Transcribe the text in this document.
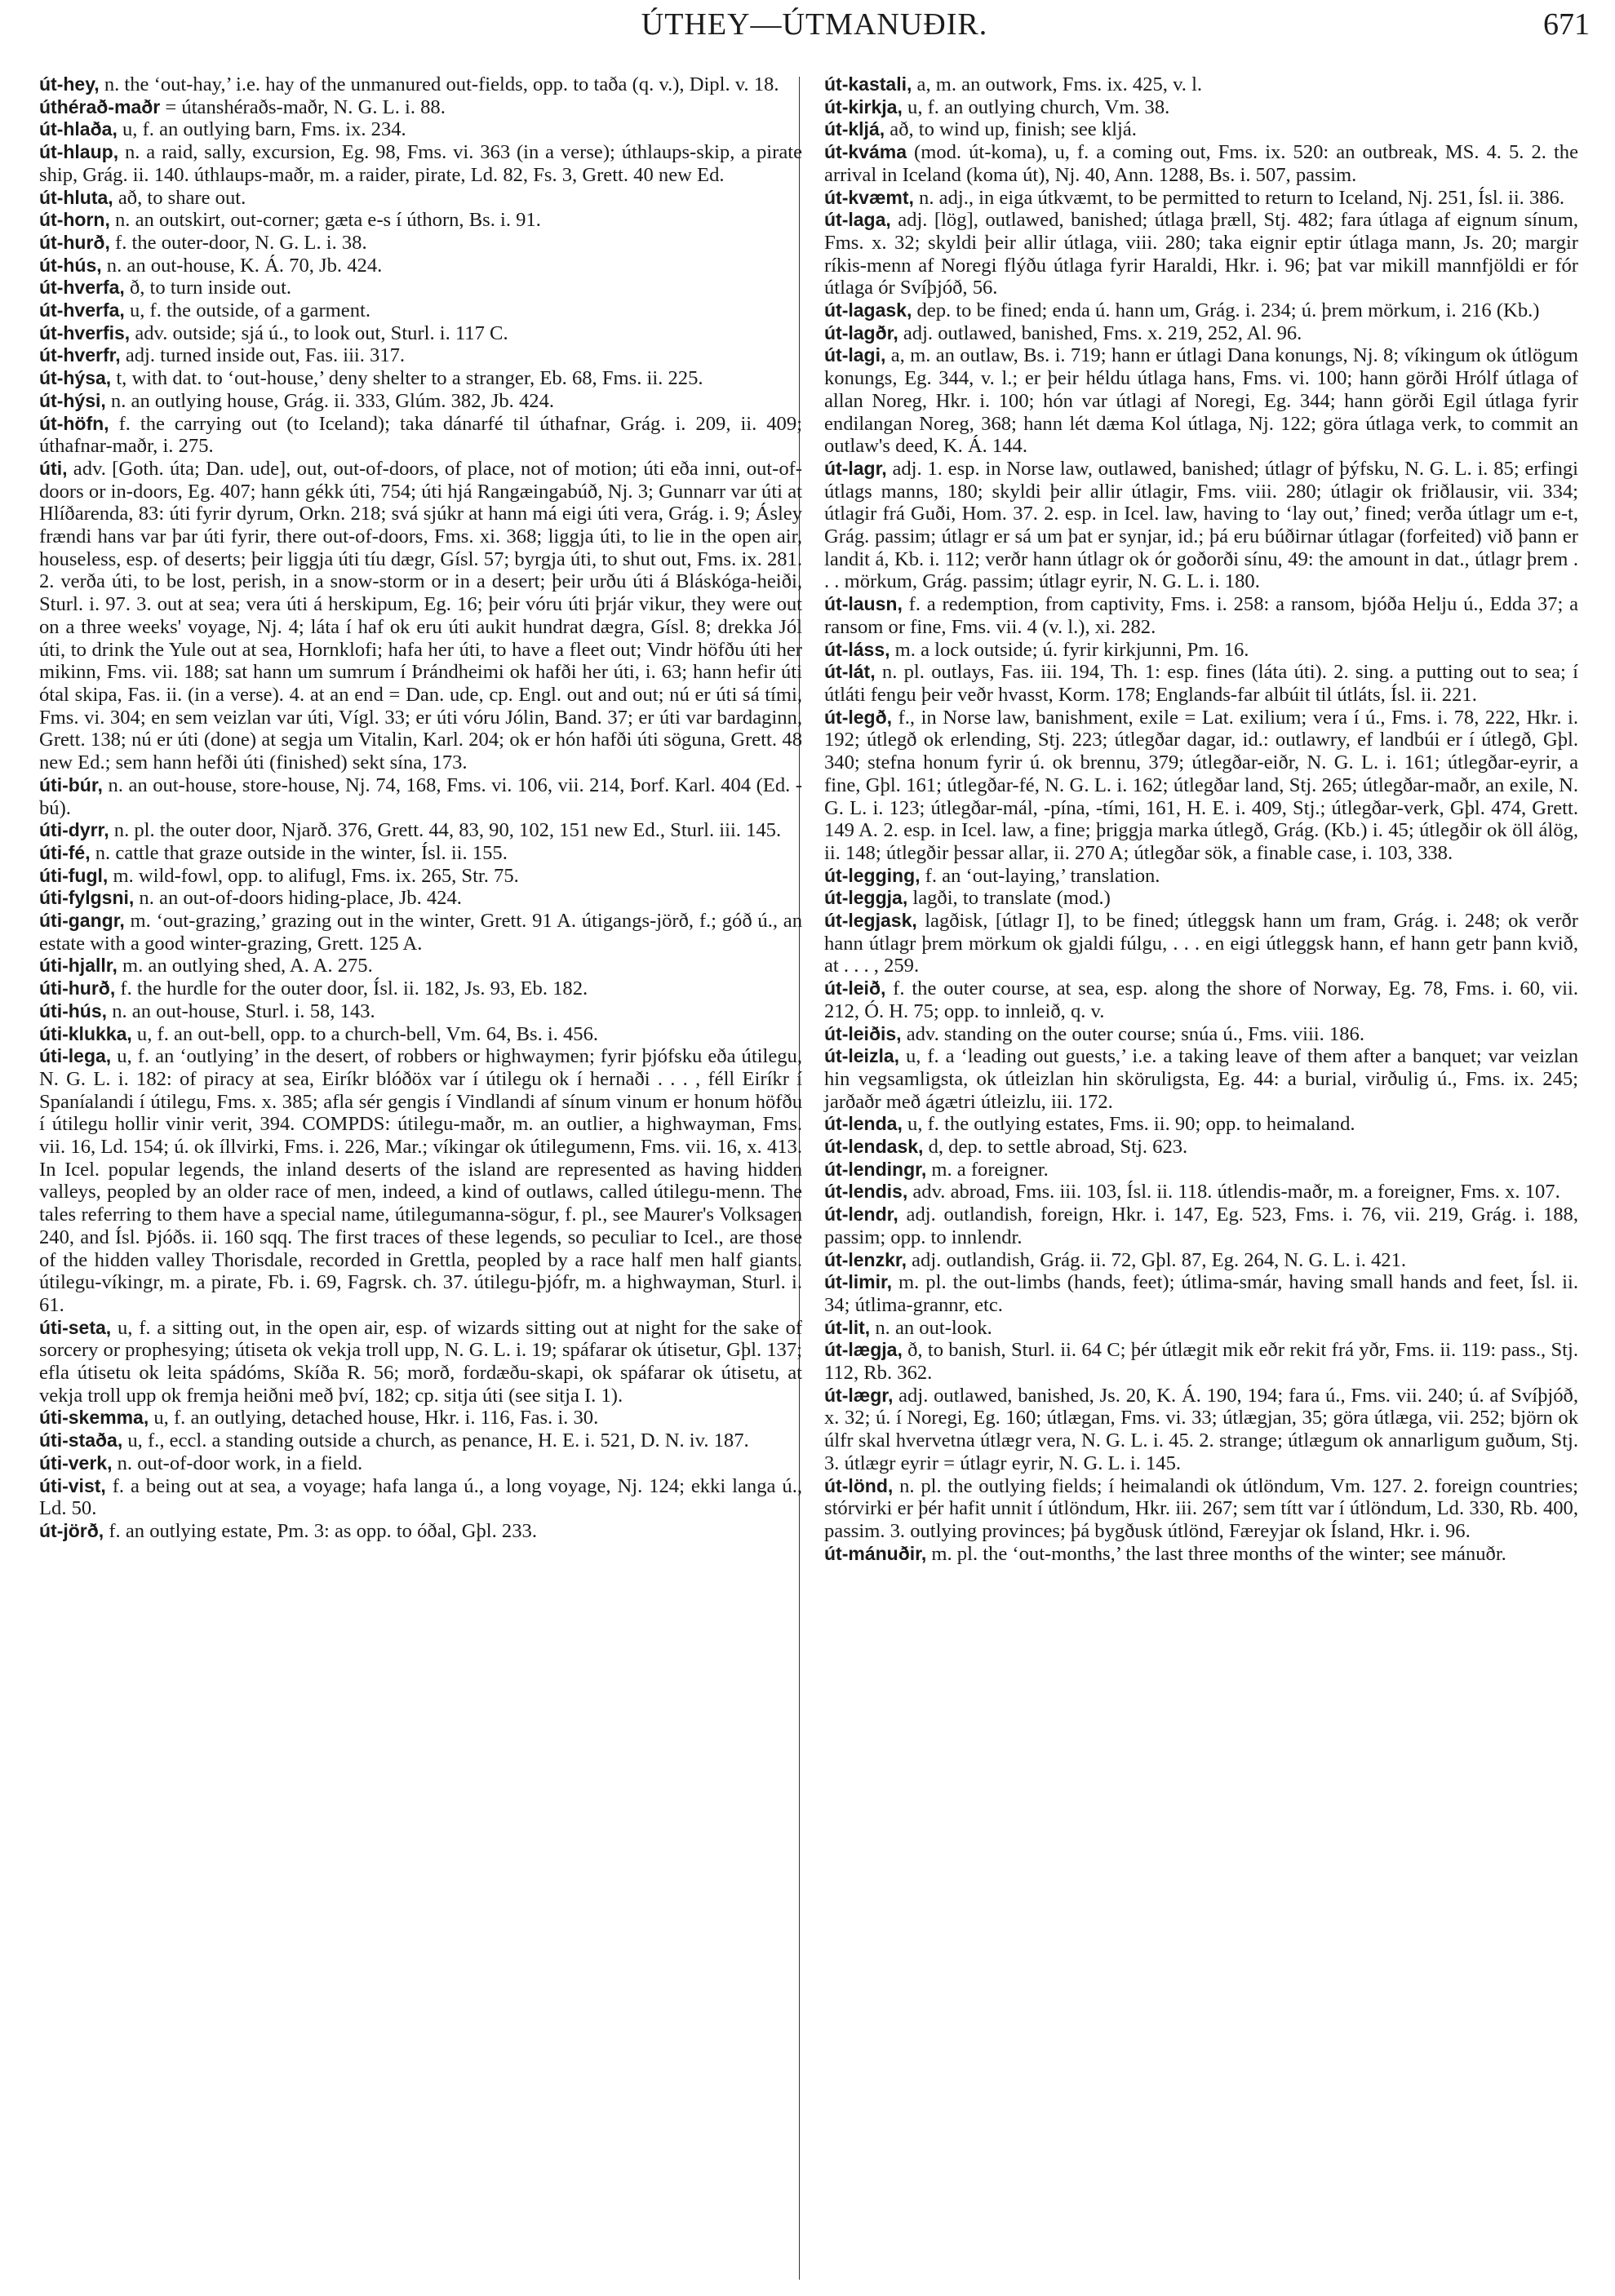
ÚTHEY—ÚTMANUÐIR.	671

út-hey, n. the ‘out-hay,’ i.e. hay of the unmanured out-fields, opp. to taða (q. v.), Dipl. v. 18.

úthérað-maðr = útanshéraðs-maðr, N. G. L. i. 88.

út-hlaða, u, f. an outlying barn, Fms. ix. 234.

út-hlaup, n. a raid, sally, excursion, Eg. 98, Fms. vi. 363 (in a verse); úthlaups-skip, a pirate ship, Grág. ii. 140. úthlaups-maðr, m. a raider, pirate, Ld. 82, Fs. 3, Grett. 40 new Ed.

út-hluta, að, to share out.

út-horn, n. an outskirt, out-corner; gæta e-s í úthorn, Bs. i. 91.

út-hurð, f. the outer-door, N. G. L. i. 38.

út-hús, n. an out-house, K. Á. 70, Jb. 424.

út-hverfa, ð, to turn inside out.

út-hverfa, u, f. the outside, of a garment.

út-hverfis, adv. outside; sjá ú., to look out, Sturl. i. 117 C.

út-hverfr, adj. turned inside out, Fas. iii. 317.

út-hýsa, t, with dat. to ‘out-house,’ deny shelter to a stranger, Eb. 68, Fms. ii. 225.

út-hýsi, n. an outlying house, Grág. ii. 333, Glúm. 382, Jb. 424.

út-höfn, f. the carrying out (to Iceland); taka dánarfé til úthafnar, Grág. i. 209, ii. 409; úthafnar-maðr, i. 275.

úti, adv. [Goth. úta; Dan. ude], out, out-of-doors, of place, not of motion; úti eða inni, out-of-doors or in-doors, Eg. 407; hann gékk úti, 754; úti hjá Rangæingabúð, Nj. 3; Gunnarr var úti at Hlíðarenda, 83: úti fyrir dyrum, Orkn. 218; svá sjúkr at hann má eigi úti vera, Grág. i. 9; Ásley frændi hans var þar úti fyrir, there out-of-doors, Fms. xi. 368; liggja úti, to lie in the open air, houseless, esp. of deserts; þeir liggja úti tíu dægr, Gísl. 57; byrgja úti, to shut out, Fms. ix. 281. 2. verða úti, to be lost, perish, in a snow-storm or in a desert; þeir urðu úti á Bláskóga-heiði, Sturl. i. 97. 3. out at sea; vera úti á herskipum, Eg. 16; þeir vóru úti þrjár vikur, they were out on a three weeks' voyage, Nj. 4; láta í haf ok eru úti aukit hundrat dægra, Gísl. 8; drekka Jól úti, to drink the Yule out at sea, Hornklofi; hafa her úti, to have a fleet out; Vindr höfðu úti her mikinn, Fms. vii. 188; sat hann um sumrum í Þrándheimi ok hafði her úti, i. 63; hann hefir úti ótal skipa, Fas. ii. (in a verse). 4. at an end = Dan. ude, cp. Engl. out and out; nú er úti sá tími, Fms. vi. 304; en sem veizlan var úti, Vígl. 33; er úti vóru Jólin, Band. 37; er úti var bardaginn, Grett. 138; nú er úti (done) at segja um Vitalin, Karl. 204; ok er hón hafði úti söguna, Grett. 48 new Ed.; sem hann hefði úti (finished) sekt sína, 173.

úti-búr, n. an out-house, store-house, Nj. 74, 168, Fms. vi. 106, vii. 214, Þorf. Karl. 404 (Ed. -bú).

úti-dyrr, n. pl. the outer door, Njarð. 376, Grett. 44, 83, 90, 102, 151 new Ed., Sturl. iii. 145.

úti-fé, n. cattle that graze outside in the winter, Ísl. ii. 155.

úti-fugl, m. wild-fowl, opp. to alifugl, Fms. ix. 265, Str. 75.

úti-fylgsni, n. an out-of-doors hiding-place, Jb. 424.

úti-gangr, m. ‘out-grazing,’ grazing out in the winter, Grett. 91 A. útigangs-jörð, f.; góð ú., an estate with a good winter-grazing, Grett. 125 A.

úti-hjallr, m. an outlying shed, A. A. 275.

úti-hurð, f. the hurdle for the outer door, Ísl. ii. 182, Js. 93, Eb. 182.

úti-hús, n. an out-house, Sturl. i. 58, 143.

úti-klukka, u, f. an out-bell, opp. to a church-bell, Vm. 64, Bs. i. 456.

úti-lega, u, f. an ‘outlying’ in the desert, of robbers or highwaymen; fyrir þjófsku eða útilegu, N. G. L. i. 182: of piracy at sea, Eiríkr blóðöx var í útilegu ok í hernaði . . . , féll Eiríkr í Spaníalandi í útilegu, Fms. x. 385; afla sér gengis í Vindlandi af sínum vinum er honum höfðu í útilegu hollir vinir verit, 394. COMPDS: útilegu-maðr, m. an outlier, a highwayman, Fms. vii. 16, Ld. 154; ú. ok íllvirki, Fms. i. 226, Mar.; víkingar ok útilegumenn, Fms. vii. 16, x. 413. In Icel. popular legends, the inland deserts of the island are represented as having hidden valleys, peopled by an older race of men, indeed, a kind of outlaws, called útilegu-menn. The tales referring to them have a special name, útilegumanna-sögur, f. pl., see Maurer's Volksagen 240, and Ísl. Þjóðs. ii. 160 sqq. The first traces of these legends, so peculiar to Icel., are those of the hidden valley Thorisdale, recorded in Grettla, peopled by a race half men half giants. útilegu-víkingr, m. a pirate, Fb. i. 69, Fagrsk. ch. 37. útilegu-þjófr, m. a highwayman, Sturl. i. 61.

úti-seta, u, f. a sitting out, in the open air, esp. of wizards sitting out at night for the sake of sorcery or prophesying; útiseta ok vekja troll upp, N. G. L. i. 19; spáfarar ok útisetur, Gþl. 137; efla útisetu ok leita spádóms, Skíða R. 56; morð, fordæðu-skapi, ok spáfarar ok útisetu, at vekja troll upp ok fremja heiðni með því, 182; cp. sitja úti (see sitja I. 1).

úti-skemma, u, f. an outlying, detached house, Hkr. i. 116, Fas. i. 30.

úti-staða, u, f., eccl. a standing outside a church, as penance, H. E. i. 521, D. N. iv. 187.

úti-verk, n. out-of-door work, in a field.

úti-vist, f. a being out at sea, a voyage; hafa langa ú., a long voyage, Nj. 124; ekki langa ú., Ld. 50.

út-jörð, f. an outlying estate, Pm. 3: as opp. to óðal, Gþl. 233.

út-kastali, a, m. an outwork, Fms. ix. 425, v. l.

út-kirkja, u, f. an outlying church, Vm. 38.

út-kljá, að, to wind up, finish; see kljá.

út-kváma (mod. út-koma), u, f. a coming out, Fms. ix. 520: an outbreak, MS. 4. 5. 2. the arrival in Iceland (koma út), Nj. 40, Ann. 1288, Bs. i. 507, passim.

út-kvæmt, n. adj., in eiga útkvæmt, to be permitted to return to Iceland, Nj. 251, Ísl. ii. 386.

út-laga, adj. [lög], outlawed, banished; útlaga þræll, Stj. 482; fara útlaga af eignum sínum, Fms. x. 32; skyldi þeir allir útlaga, viii. 280; taka eignir eptir útlaga mann, Js. 20; margir ríkis-menn af Noregi flýðu útlaga fyrir Haraldi, Hkr. i. 96; þat var mikill mannfjöldi er fór útlaga ór Svíþjóð, 56.

út-lagask, dep. to be fined; enda ú. hann um, Grág. i. 234; ú. þrem mörkum, i. 216 (Kb.)

út-lagðr, adj. outlawed, banished, Fms. x. 219, 252, Al. 96.

út-lagi, a, m. an outlaw, Bs. i. 719; hann er útlagi Dana konungs, Nj. 8; víkingum ok útlögum konungs, Eg. 344, v. l.; er þeir héldu útlaga hans, Fms. vi. 100; hann görði Hrólf útlaga of allan Noreg, Hkr. i. 100; hón var útlagi af Noregi, Eg. 344; hann görði Egil útlaga fyrir endilangan Noreg, 368; hann lét dæma Kol útlaga, Nj. 122; göra útlaga verk, to commit an outlaw's deed, K. Á. 144.

út-lagr, adj. 1. esp. in Norse law, outlawed, banished; útlagr of þýfsku, N. G. L. i. 85; erfingi útlags manns, 180; skyldi þeir allir útlagir, Fms. viii. 280; útlagir ok friðlausir, vii. 334; útlagir frá Guði, Hom. 37. 2. esp. in Icel. law, having to ‘lay out,’ fined; verða útlagr um e-t, Grág. passim; útlagr er sá um þat er synjar, id.; þá eru búðirnar útlagar (forfeited) við þann er landit á, Kb. i. 112; verðr hann útlagr ok ór goðorði sínu, 49: the amount in dat., útlagr þrem . . . mörkum, Grág. passim; útlagr eyrir, N. G. L. i. 180.

út-lausn, f. a redemption, from captivity, Fms. i. 258: a ransom, bjóða Helju ú., Edda 37; a ransom or fine, Fms. vii. 4 (v. l.), xi. 282.

út-láss, m. a lock outside; ú. fyrir kirkjunni, Pm. 16.

út-lát, n. pl. outlays, Fas. iii. 194, Th. 1: esp. fines (láta úti). 2. sing. a putting out to sea; í útláti fengu þeir veðr hvasst, Korm. 178; Englands-far albúit til útláts, Ísl. ii. 221.

út-legð, f., in Norse law, banishment, exile = Lat. exilium; vera í ú., Fms. i. 78, 222, Hkr. i. 192; útlegð ok erlending, Stj. 223; útlegðar dagar, id.: outlawry, ef landbúi er í útlegð, Gþl. 340; stefna honum fyrir ú. ok brennu, 379; útlegðar-eiðr, N. G. L. i. 161; útlegðar-eyrir, a fine, Gþl. 161; útlegðar-fé, N. G. L. i. 162; útlegðar land, Stj. 265; útlegðar-maðr, an exile, N. G. L. i. 123; útlegðar-mál, -pína, -tími, 161, H. E. i. 409, Stj.; útlegðar-verk, Gþl. 474, Grett. 149 A. 2. esp. in Icel. law, a fine; þriggja marka útlegð, Grág. (Kb.) i. 45; útlegðir ok öll álög, ii. 148; útlegðir þessar allar, ii. 270 A; útlegðar sök, a finable case, i. 103, 338.

út-legging, f. an ‘out-laying,’ translation.

út-leggja, lagði, to translate (mod.)

út-legjask, lagðisk, [útlagr I], to be fined; útleggsk hann um fram, Grág. i. 248; ok verðr hann útlagr þrem mörkum ok gjaldi fúlgu, . . . en eigi útleggsk hann, ef hann getr þann kvið, at . . . , 259.

út-leið, f. the outer course, at sea, esp. along the shore of Norway, Eg. 78, Fms. i. 60, vii. 212, Ó. H. 75; opp. to innleið, q. v.

út-leiðis, adv. standing on the outer course; snúa ú., Fms. viii. 186.

út-leizla, u, f. a ‘leading out guests,’ i.e. a taking leave of them after a banquet; var veizlan hin vegsamligsta, ok útleizlan hin sköruligsta, Eg. 44: a burial, virðulig ú., Fms. ix. 245; jarðaðr með ágætri útleizlu, iii. 172.

út-lenda, u, f. the outlying estates, Fms. ii. 90; opp. to heimaland.

út-lendask, d, dep. to settle abroad, Stj. 623.

út-lendingr, m. a foreigner.

út-lendis, adv. abroad, Fms. iii. 103, Ísl. ii. 118. útlendis-maðr, m. a foreigner, Fms. x. 107.

út-lendr, adj. outlandish, foreign, Hkr. i. 147, Eg. 523, Fms. i. 76, vii. 219, Grág. i. 188, passim; opp. to innlendr.

út-lenzkr, adj. outlandish, Grág. ii. 72, Gþl. 87, Eg. 264, N. G. L. i. 421.

út-limir, m. pl. the out-limbs (hands, feet); útlima-smár, having small hands and feet, Ísl. ii. 34; útlima-grannr, etc.

út-lit, n. an out-look.

út-lægja, ð, to banish, Sturl. ii. 64 C; þér útlægit mik eðr rekit frá yðr, Fms. ii. 119: pass., Stj. 112, Rb. 362.

út-lægr, adj. outlawed, banished, Js. 20, K. Á. 190, 194; fara ú., Fms. vii. 240; ú. af Svíþjóð, x. 32; ú. í Noregi, Eg. 160; útlægan, Fms. vi. 33; útlægjan, 35; göra útlæga, vii. 252; björn ok úlfr skal hvervetna útlægr vera, N. G. L. i. 45. 2. strange; útlægum ok annarligum guðum, Stj. 3. útlægr eyrir = útlagr eyrir, N. G. L. i. 145.

út-lönd, n. pl. the outlying fields; í heimalandi ok útlöndum, Vm. 127. 2. foreign countries; stórvirki er þér hafit unnit í útlöndum, Hkr. iii. 267; sem títt var í útlöndum, Ld. 330, Rb. 400, passim. 3. outlying provinces; þá bygðusk útlönd, Færeyjar ok Ísland, Hkr. i. 96.

út-mánuðir, m. pl. the ‘out-months,’ the last three months of the winter; see mánuðr.
